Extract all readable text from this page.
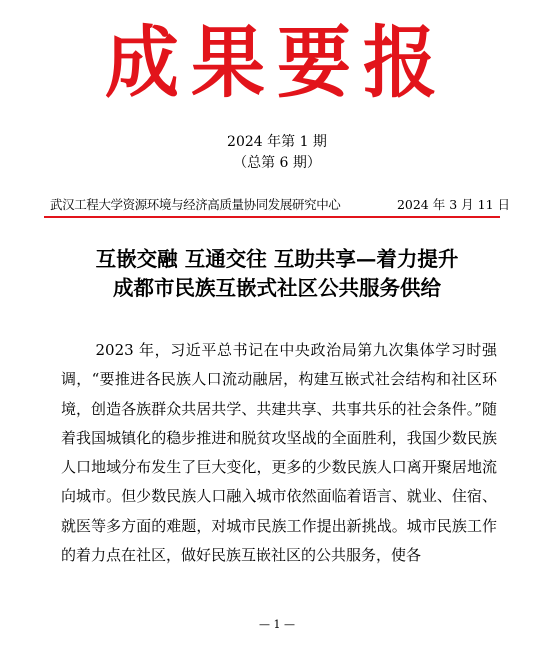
成果要报
2024 年第 1 期
（总第 6 期）
武汉工程大学资源环境与经济高质量协同发展研究中心	2024 年 3 月 11 日
互嵌交融 互通交往 互助共享—着力提升
成都市民族互嵌式社区公共服务供给

2023 年，习近平总书记在中央政治局第九次集体学习时强调，“要推进各民族人口流动融居，构建互嵌式社会结构和社区环境，创造各族群众共居共学、共建共享、共事共乐的社会条件。”随着我国城镇化的稳步推进和脱贫攻坚战的全面胜利，我国少数民族人口地域分布发生了巨大变化，更多的少数民族人口离开聚居地流向城市。但少数民族人口融入城市依然面临着语言、就业、住宿、就医等多方面的难题，对城市民族工作提出新挑战。城市民族工作的着力点在社区，做好民族互嵌社区的公共服务，使各

— 1 —
